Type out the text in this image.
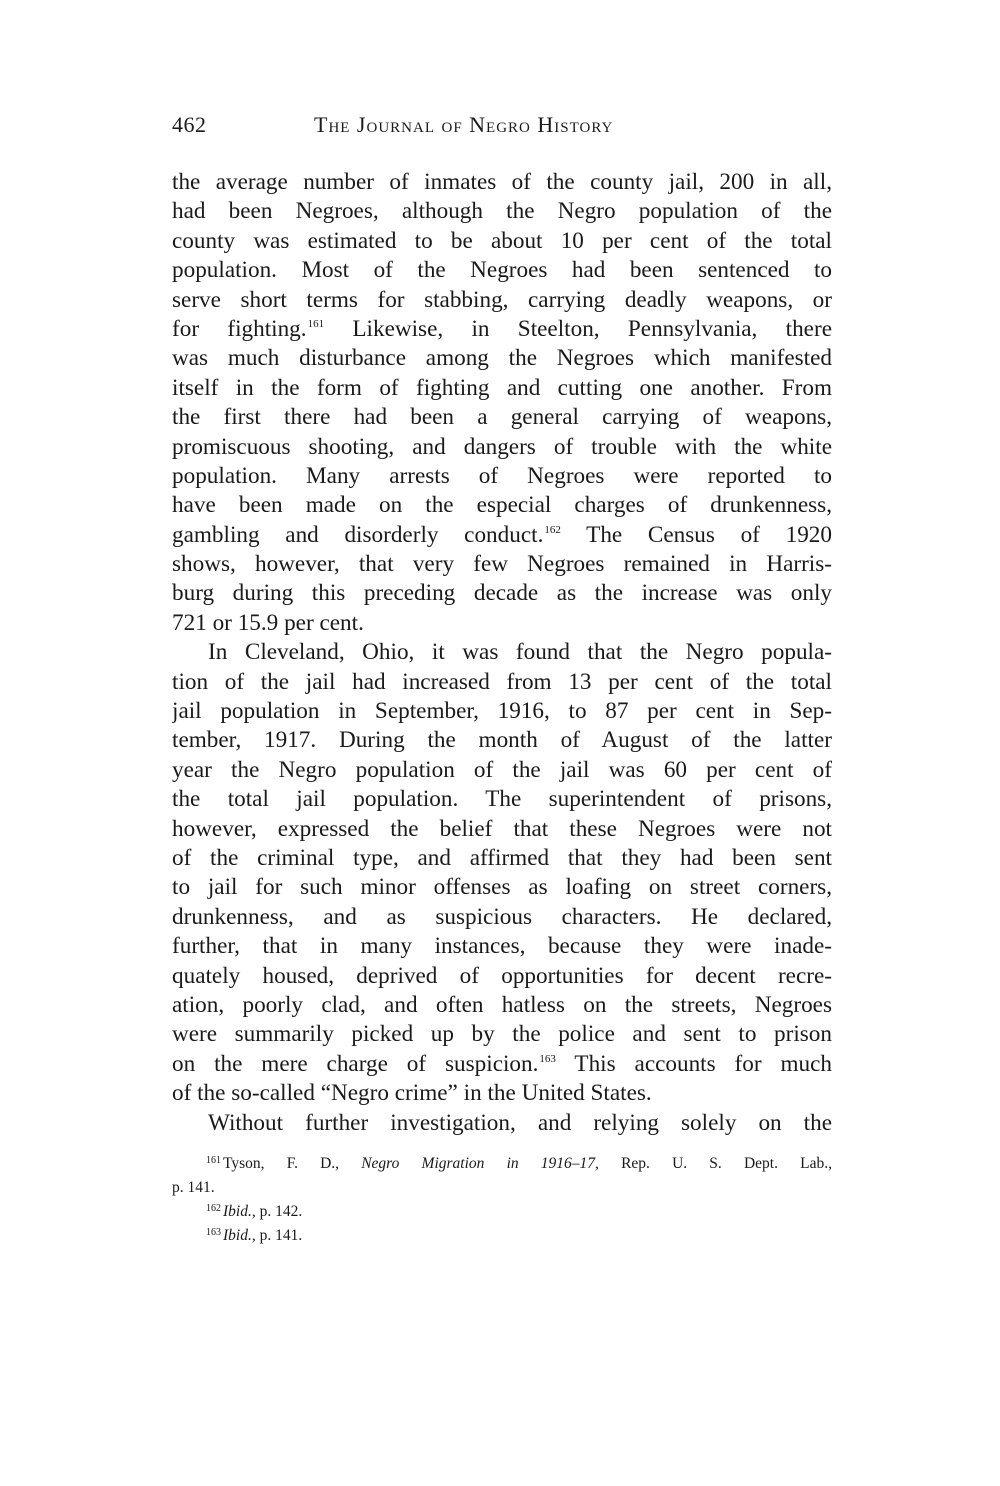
462	The Journal of Negro History
the average number of inmates of the county jail, 200 in all,
had been Negroes, although the Negro population of the
county was estimated to be about 10 per cent of the total
population. Most of the Negroes had been sentenced to
serve short terms for stabbing, carrying deadly weapons, or
for fighting.$^{161}$ Likewise, in Steelton, Pennsylvania, there
was much disturbance among the Negroes which manifested
itself in the form of fighting and cutting one another. From
the first there had been a general carrying of weapons,
promiscuous shooting, and dangers of trouble with the white
population. Many arrests of Negroes were reported to
have been made on the especial charges of drunkenness,
gambling and disorderly conduct.$^{162}$ The Census of 1920
shows, however, that very few Negroes remained in Harris-
burg during this preceding decade as the increase was only
721 or 15.9 per cent.
In Cleveland, Ohio, it was found that the Negro popula-
tion of the jail had increased from 13 per cent of the total
jail population in September, 1916, to 87 per cent in Sep-
tember, 1917. During the month of August of the latter
year the Negro population of the jail was 60 per cent of
the total jail population. The superintendent of prisons,
however, expressed the belief that these Negroes were not
of the criminal type, and affirmed that they had been sent
to jail for such minor offenses as loafing on street corners,
drunkenness, and as suspicious characters. He declared,
further, that in many instances, because they were inade-
quately housed, deprived of opportunities for decent recre-
ation, poorly clad, and often hatless on the streets, Negroes
were summarily picked up by the police and sent to prison
on the mere charge of suspicion.$^{163}$ This accounts for much
of the so-called “Negro crime” in the United States.
Without further investigation, and relying solely on the
$^{161}$ Tyson, F. D., Negro Migration in 1916–17, Rep. U. S. Dept. Lab.,
p. 141.
$^{162}$ Ibid., p. 142.
$^{163}$ Ibid., p. 141.
